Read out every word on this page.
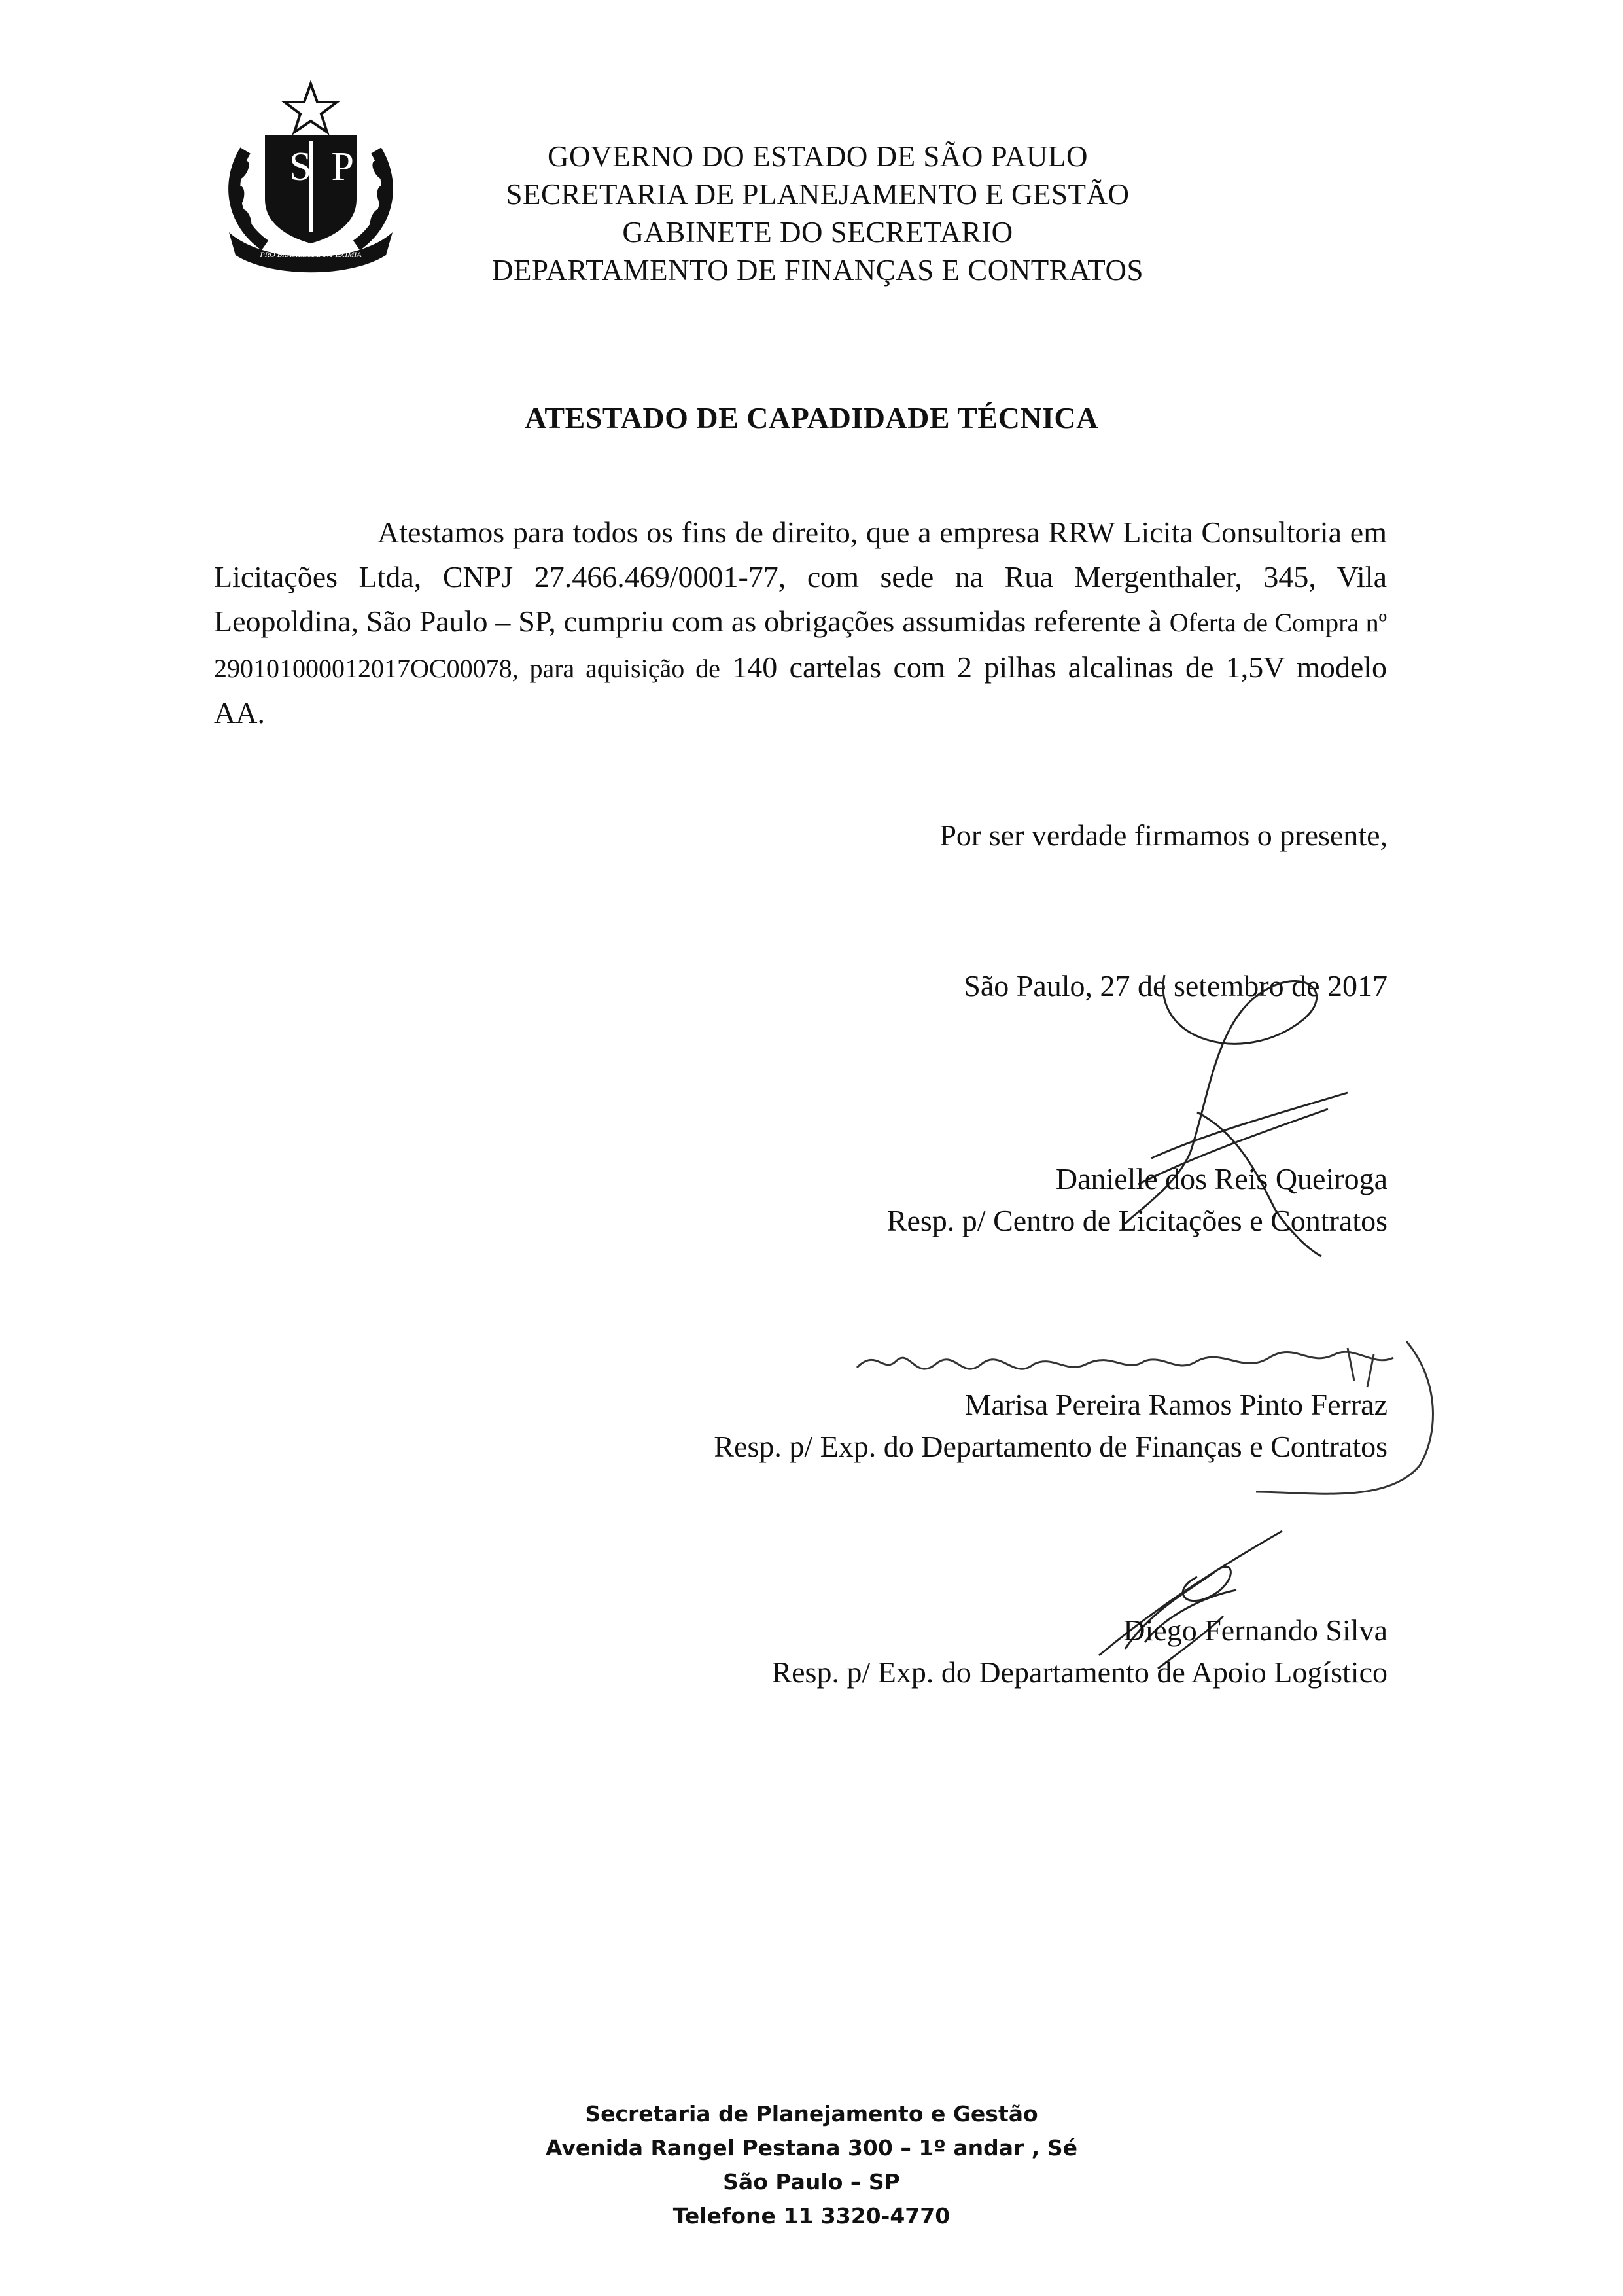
SP
PRO BRASILIA FIANT EXIMIA
GOVERNO DO ESTADO DE SÃO PAULO
SECRETARIA DE PLANEJAMENTO E GESTÃO
GABINETE DO SECRETARIO
DEPARTAMENTO DE FINANÇAS E CONTRATOS
ATESTADO DE CAPADIDADE TÉCNICA

Atestamos para todos os fins de direito, que a empresa RRW Licita Consultoria em Licitações Ltda, CNPJ 27.466.469/0001-77, com sede na Rua Mergenthaler, 345, Vila Leopoldina, São Paulo – SP, cumpriu com as obrigações assumidas referente à Oferta de Compra nº 290101000012017OC00078, para aquisição de 140 cartelas com 2 pilhas alcalinas de 1,5V modelo AA.

Por ser verdade firmamos o presente,
São Paulo, 27 de setembro de 2017
Danielle dos Reis Queiroga
Resp. p/ Centro de Licitações e Contratos
Marisa Pereira Ramos Pinto Ferraz
Resp. p/ Exp. do Departamento de Finanças e Contratos
Diego Fernando Silva
Resp. p/ Exp. do Departamento de Apoio Logístico
Secretaria de Planejamento e Gestão
Avenida Rangel Pestana 300 – 1º andar , Sé
São Paulo – SP
Telefone 11 3320-4770
